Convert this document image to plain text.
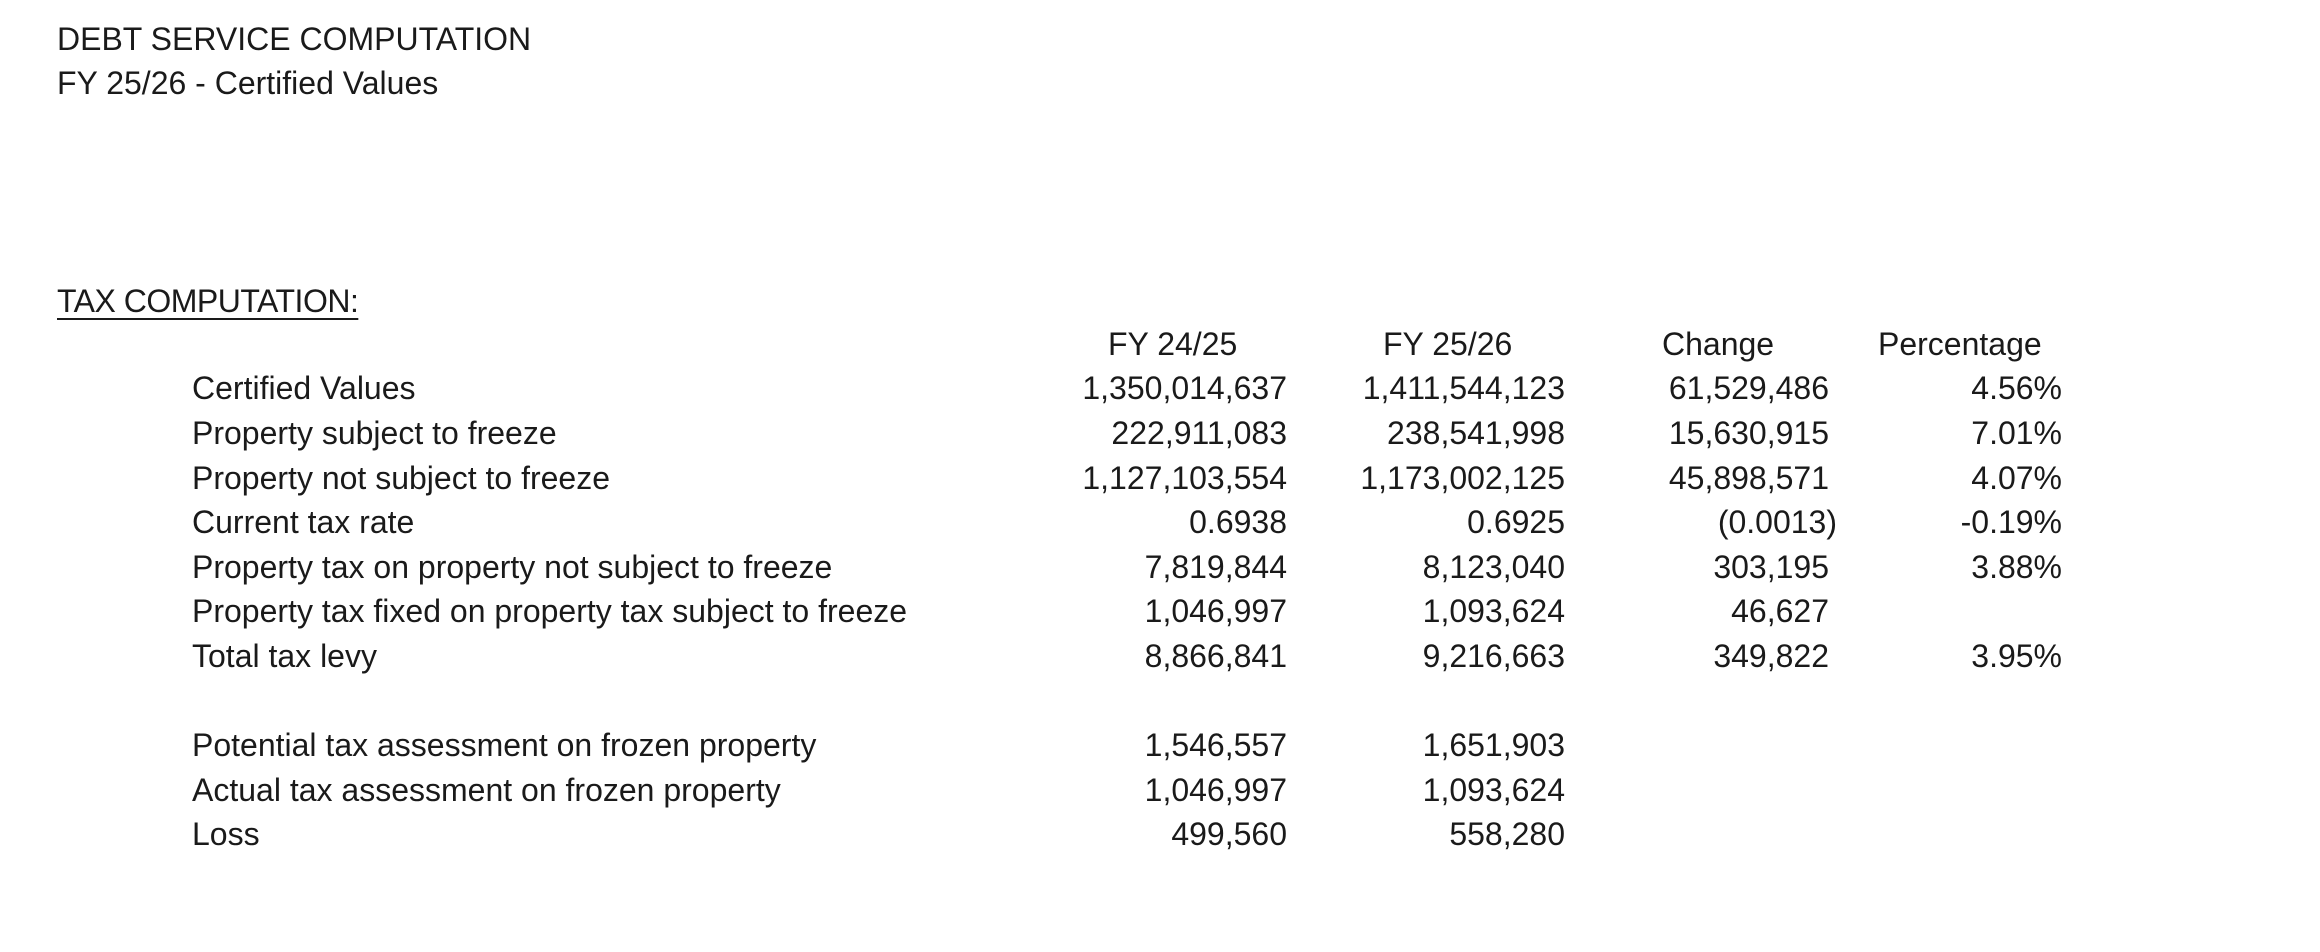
DEBT SERVICE COMPUTATION
FY 25/26 - Certified Values
TAX COMPUTATION:
FY 24/25	FY 25/26	Change	Percentage
Certified Values	1,350,014,637 1,411,544,123	61,529,486	4.56%
Property subject to freeze	222,911,083	238,541,998	15,630,915	7.01%
Property not subject to freeze	1,127,103,554 1,173,002,125	45,898,571	4.07%
Current tax rate	0.6938	0.6925	(0.0013)	-0.19%
Property tax on property not subject to freeze	7,819,844	8,123,040	303,195	3.88%
Property tax fixed on property tax subject to freeze	1,046,997	1,093,624	46,627
Total tax levy	8,866,841	9,216,663	349,822	3.95%
Potential tax assessment on frozen property	1,546,557	1,651,903
Actual tax assessment on frozen property	1,046,997	1,093,624
Loss	499,560	558,280
